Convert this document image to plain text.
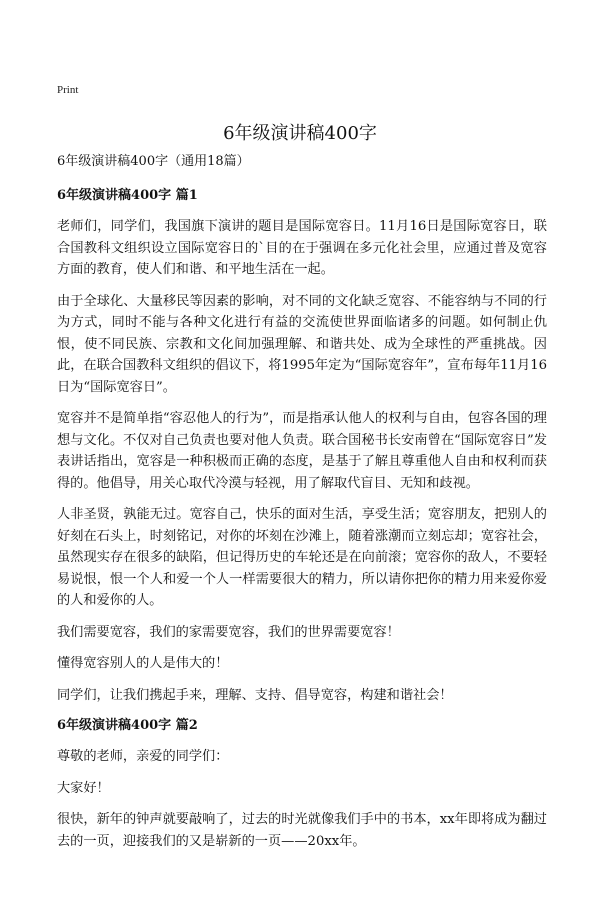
Print
6年级演讲稿400字

6年级演讲稿400字（通用18篇）

6年级演讲稿400字 篇1

老师们，同学们，我国旗下演讲的题目是国际宽容日。11月16日是国际宽容日，联合国教科文组织设立国际宽容日的`目的在于强调在多元化社会里，应通过普及宽容方面的教育，使人们和谐、和平地生活在一起。

由于全球化、大量移民等因素的影响，对不同的文化缺乏宽容、不能容纳与不同的行为方式，同时不能与各种文化进行有益的交流使世界面临诸多的问题。如何制止仇恨，使不同民族、宗教和文化间加强理解、和谐共处、成为全球性的严重挑战。因此，在联合国教科文组织的倡议下，将1995年定为“国际宽容年”，宣布每年11月16日为“国际宽容日”。

宽容并不是简单指“容忍他人的行为”，而是指承认他人的权利与自由，包容各国的理想与文化。不仅对自己负责也要对他人负责。联合国秘书长安南曾在“国际宽容日”发表讲话指出，宽容是一种积极而正确的态度，是基于了解且尊重他人自由和权利而获得的。他倡导，用关心取代冷漠与轻视，用了解取代盲目、无知和歧视。

人非圣贤，孰能无过。宽容自己，快乐的面对生活，享受生活；宽容朋友，把别人的好刻在石头上，时刻铭记，对你的坏刻在沙滩上，随着涨潮而立刻忘却；宽容社会，虽然现实存在很多的缺陷，但记得历史的车轮还是在向前滚；宽容你的敌人，不要轻易说恨，恨一个人和爱一个人一样需要很大的精力，所以请你把你的精力用来爱你爱的人和爱你的人。

我们需要宽容，我们的家需要宽容，我们的世界需要宽容！

懂得宽容别人的人是伟大的！

同学们，让我们携起手来，理解、支持、倡导宽容，构建和谐社会！

6年级演讲稿400字 篇2

尊敬的老师，亲爱的同学们：

大家好！

很快，新年的钟声就要敲响了，过去的时光就像我们手中的书本，xx年即将成为翻过去的一页，迎接我们的又是崭新的一页——20xx年。
